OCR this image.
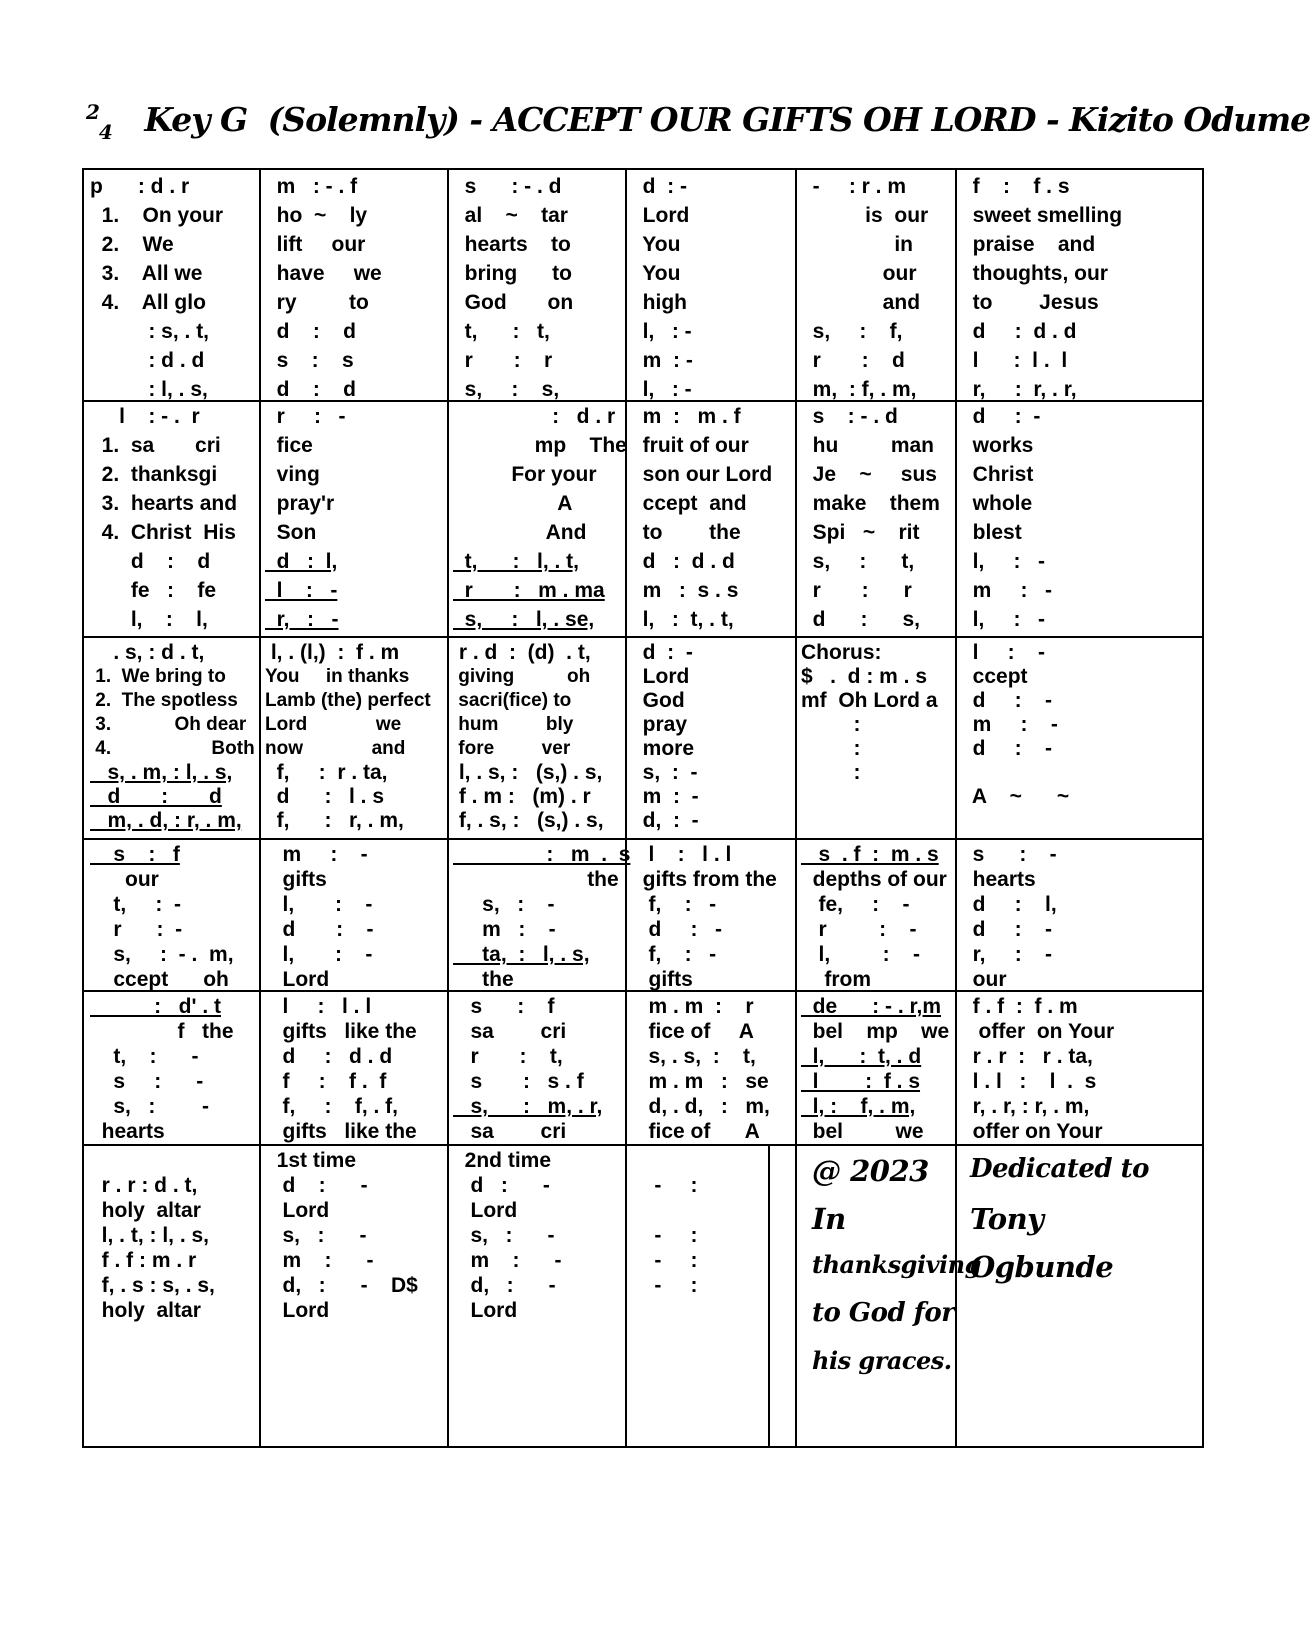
$^2_4$ Key G (Solemnly) - ACCEPT OUR GIFTS OH LORD - Kizito Odume
@ 2023
In
thanksgiving
to God for
his graces.
Dedicated to
Tony
Ogbunde
p      : d . r
1.    On your
2.    We
3.    All we
4.    All glo
: s, . t,
: d . d
: l, . s,
m   : - . f
ho  ~    ly
lift     our
have     we
ry         to
d    :    d
s    :    s
d    :    d
s      : - . d
al    ~    tar
hearts    to
bring      to
God       on
t,      :   t,
r       :    r
s,     :    s,
d  : -
Lord
You
You
high
l,   : -
m  : -
l,   : -
-     : r . m
is  our
in
our
and
s,     :    f,
r       :    d
m,  : f, . m,
f    :    f . s
sweet smelling
praise    and
thoughts, our
to        Jesus
d     :  d . d
l      :  l .  l
r,     :  r, . r,
l    : - .  r
1.  sa       cri
2.  thanksgi
3.  hearts and
4.  Christ  His
d    :    d
fe   :    fe
l,    :    l,
r     :   -
fice
ving
pray'r
Son
d   :  l,
l    :   -
r,   :   -
:   d . r
mp    The
For your
A
And
t,      :   l, . t,
r       :   m . ma
s,     :   l, . se,
m  :   m . f
fruit of our
son our Lord
ccept  and
to        the
d   :  d . d
m   :  s . s
l,   :  t, . t,
s    : - . d
hu         man
Je    ~     sus
make    them
Spi   ~    rit
s,     :      t,
r       :      r
d      :      s,
d     :  -
works
Christ
whole
blest
l,     :   -
m     :   -
l,     :   -
. s, : d . t,
1.  We bring to
2.  The spotless
3.            Oh dear
4.                   Both
s, . m, : l, . s,
d       :       d
m, . d, : r, . m,
l, . (l,)  :  f . m
You     in thanks
Lamb (the) perfect
Lord             we
now             and
f,     :  r . ta,
d      :   l . s
f,      :   r, . m,
r . d  :  (d)  . t,
giving          oh
sacri(fice) to
hum         bly
fore         ver
l, . s, :   (s,) . s,
f . m :   (m) . r
f, . s, :   (s,) . s,
d  :  -
Lord
God
pray
more
s,  :  -
m  :  -
d,  :  -
Chorus:
$   .  d : m . s
mf  Oh Lord a
:
:
:
l     :    -
ccept
d     :    -
m     :    -
d     :    -
A    ~      ~
s    :   f
our
t,     :  -
r      :  -
s,     :  - .  m,
ccept      oh
m     :    -
gifts
l,       :    -
d       :    -
l,       :    -
Lord
:   m  .  s
the
s,   :    -
m   :    -
ta,  :   l, . s,
the
l    :   l . l
gifts from the
f,    :   -
d     :   -
f,    :   -
gifts
s  . f  :  m . s
depths of our
fe,     :    -
r         :    -
l,         :    -
from
s      :    -
hearts
d     :    l,
d     :    -
r,     :    -
our
:   d' . t
f   the
t,    :      -
s     :      -
s,   :        -
hearts
l     :   l . l
gifts   like the
d     :   d . d
f     :    f .  f
f,     :    f, . f,
gifts   like the
s      :    f
sa        cri
r       :    t,
s       :   s . f
s,      :   m, . r,
sa        cri
m . m  :    r
fice of     A
s, . s,  :    t,
m . m   :   se
d, . d,   :   m,
fice of      A
de      : - . r,m
bel    mp    we
l,      :  t, . d
l        :  f . s
l, :    f, . m,
bel         we
f . f  :  f . m
offer  on Your
r . r  :   r . ta,
l . l   :    l  .  s
r, . r, : r, . m,
offer on Your
r . r : d . t,
holy  altar
l, . t, : l, . s,
f . f : m . r
f, . s : s, . s,
holy  altar
1st time
d    :      -
Lord
s,   :      -
m    :      -
d,   :      -    D$
Lord
2nd time
d   :      -
Lord
s,   :      -
m    :      -
d,   :      -
Lord
-     :
-     :
-     :
-     :
